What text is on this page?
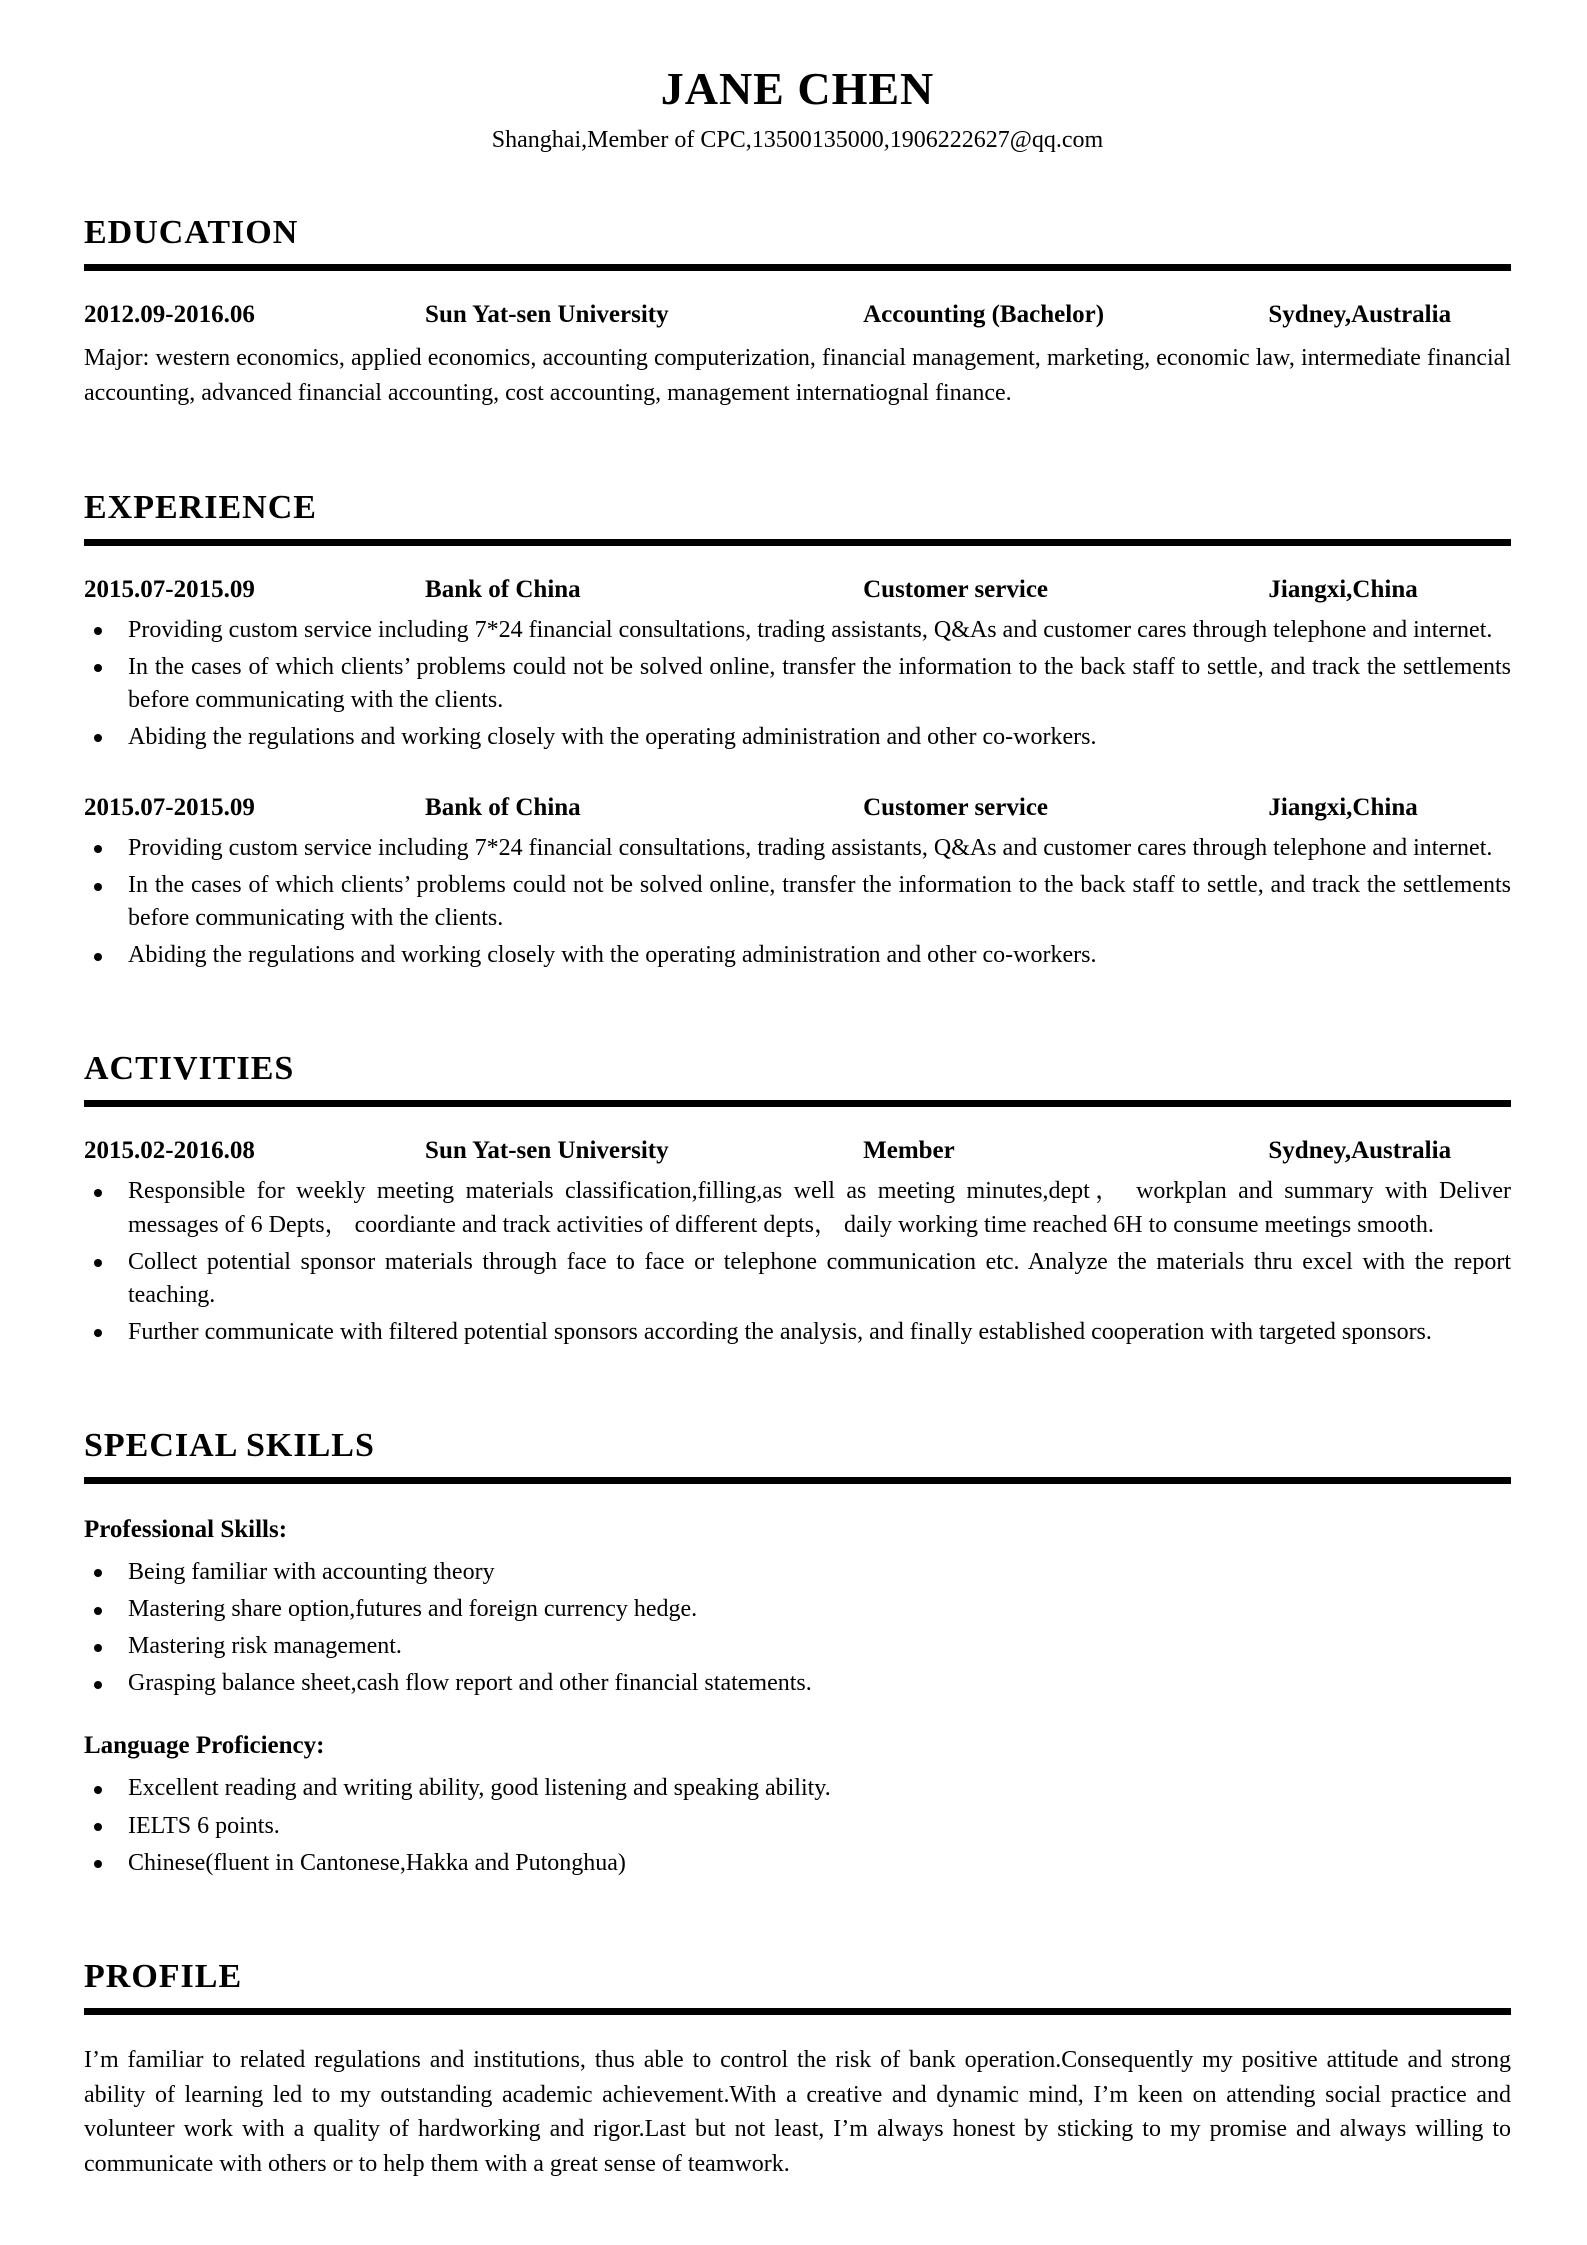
JANE CHEN

Shanghai,Member of CPC,13500135000,1906222627@qq.com

EDUCATION
2012.09-2016.06	Sun Yat-sen University	Accounting (Bachelor)	Sydney,Australia

Major: western economics, applied economics, accounting computerization, financial management, marketing, economic law, intermediate financial accounting, advanced financial accounting, cost accounting, management internatiognal finance.

EXPERIENCE
2015.07-2015.09	Bank of China	Customer service	Jiangxi,China
Providing custom service including 7*24 financial consultations, trading assistants, Q&As and customer cares through telephone and internet.
In the cases of which clients’ problems could not be solved online, transfer the information to the back staff to settle, and track the settlements before communicating with the clients.
Abiding the regulations and working closely with the operating administration and other co-workers.
2015.07-2015.09	Bank of China	Customer service	Jiangxi,China
Providing custom service including 7*24 financial consultations, trading assistants, Q&As and customer cares through telephone and internet.
In the cases of which clients’ problems could not be solved online, transfer the information to the back staff to settle, and track the settlements before communicating with the clients.
Abiding the regulations and working closely with the operating administration and other co-workers.
ACTIVITIES
2015.02-2016.08	Sun Yat-sen University	Member	Sydney,Australia
Responsible for weekly meeting materials classification,filling,as well as meeting minutes,dept， workplan and summary with Deliver messages of 6 Depts， coordiante and track activities of different depts， daily working time reached 6H to consume meetings smooth.
Collect potential sponsor materials through face to face or telephone communication etc. Analyze the materials thru excel with the report teaching.
Further communicate with filtered potential sponsors according the analysis, and finally established cooperation with targeted sponsors.
SPECIAL SKILLS

Professional Skills:

Being familiar with accounting theory
Mastering share option,futures and foreign currency hedge.
Mastering risk management.
Grasping balance sheet,cash flow report and other financial statements.

Language Proficiency:

Excellent reading and writing ability, good listening and speaking ability.
IELTS 6 points.
Chinese(fluent in Cantonese,Hakka and Putonghua)
PROFILE

I’m familiar to related regulations and institutions, thus able to control the risk of bank operation.Consequently my positive attitude and strong ability of learning led to my outstanding academic achievement.With a creative and dynamic mind, I’m keen on attending social practice and volunteer work with a quality of hardworking and rigor.Last but not least, I’m always honest by sticking to my promise and always willing to communicate with others or to help them with a great sense of teamwork.
